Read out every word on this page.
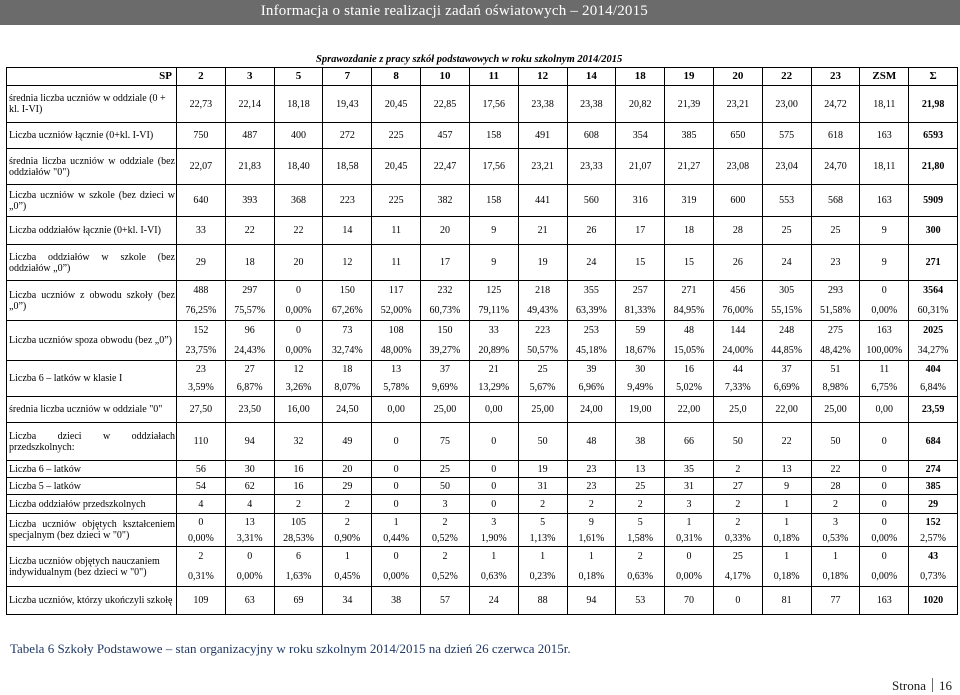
Informacja o stanie realizacji zadań oświatowych – 2014/2015
Sprawozdanie z pracy szkół podstawowych w roku szkolnym 2014/2015
SP	2	3	5	7	8	10	11	12	14	18	19	20	22	23	ZSM	Σ
średnia liczba uczniów w oddziale (0 + kl. I-VI)	22,73	22,14	18,18	19,43	20,45	22,85	17,56	23,38	23,38	20,82	21,39	23,21	23,00	24,72	18,11	21,98
Liczba uczniów łącznie (0+kl. I-VI)	750	487	400	272	225	457	158	491	608	354	385	650	575	618	163	6593
średnia liczba uczniów w oddziale (bez oddziałów "0")	22,07	21,83	18,40	18,58	20,45	22,47	17,56	23,21	23,33	21,07	21,27	23,08	23,04	24,70	18,11	21,80
Liczba uczniów w szkole (bez dzieci w „0”)	640	393	368	223	225	382	158	441	560	316	319	600	553	568	163	5909
Liczba oddziałów łącznie (0+kl. I-VI)	33	22	22	14	11	20	9	21	26	17	18	28	25	25	9	300
Liczba oddziałów w szkole (bez oddziałów „0”)	29	18	20	12	11	17	9	19	24	15	15	26	24	23	9	271
Liczba uczniów z obwodu szkoły (bez „0”)	488	297	0	150	117	232	125	218	355	257	271	456	305	293	0	3564
	76,25%	75,57%	0,00%	67,26%	52,00%	60,73%	79,11%	49,43%	63,39%	81,33%	84,95%	76,00%	55,15%	51,58%	0,00%	60,31%
Liczba uczniów spoza obwodu (bez „0”)	152	96	0	73	108	150	33	223	253	59	48	144	248	275	163	2025
	23,75%	24,43%	0,00%	32,74%	48,00%	39,27%	20,89%	50,57%	45,18%	18,67%	15,05%	24,00%	44,85%	48,42%	100,00%	34,27%
Liczba 6 – latków w klasie I	23	27	12	18	13	37	21	25	39	30	16	44	37	51	11	404
	3,59%	6,87%	3,26%	8,07%	5,78%	9,69%	13,29%	5,67%	6,96%	9,49%	5,02%	7,33%	6,69%	8,98%	6,75%	6,84%
średnia liczba uczniów w oddziale "0"	27,50	23,50	16,00	24,50	0,00	25,00	0,00	25,00	24,00	19,00	22,00	25,0	22,00	25,00	0,00	23,59
Liczba dzieci w oddziałach przedszkolnych:	110	94	32	49	0	75	0	50	48	38	66	50	22	50	0	684
Liczba 6 – latków	56	30	16	20	0	25	0	19	23	13	35	2	13	22	0	274
Liczba 5 – latków	54	62	16	29	0	50	0	31	23	25	31	27	9	28	0	385
Liczba oddziałów przedszkolnych	4	4	2	2	0	3	0	2	2	2	3	2	1	2	0	29
Liczba uczniów objętych kształceniem specjalnym (bez dzieci w "0")	0	13	105	2	1	2	3	5	9	5	1	2	1	3	0	152
	0,00%	3,31%	28,53%	0,90%	0,44%	0,52%	1,90%	1,13%	1,61%	1,58%	0,31%	0,33%	0,18%	0,53%	0,00%	2,57%
Liczba uczniów objętych nauczaniem indywidualnym (bez dzieci w "0")	2	0	6	1	0	2	1	1	1	2	0	25	1	1	0	43
	0,31%	0,00%	1,63%	0,45%	0,00%	0,52%	0,63%	0,23%	0,18%	0,63%	0,00%	4,17%	0,18%	0,18%	0,00%	0,73%
Liczba uczniów, którzy ukończyli szkołę	109	63	69	34	38	57	24	88	94	53	70	0	81	77	163	1020
Tabela 6 Szkoły Podstawowe – stan organizacyjny w roku szkolnym 2014/2015 na dzień 26 czerwca 2015r.
Strona 16
